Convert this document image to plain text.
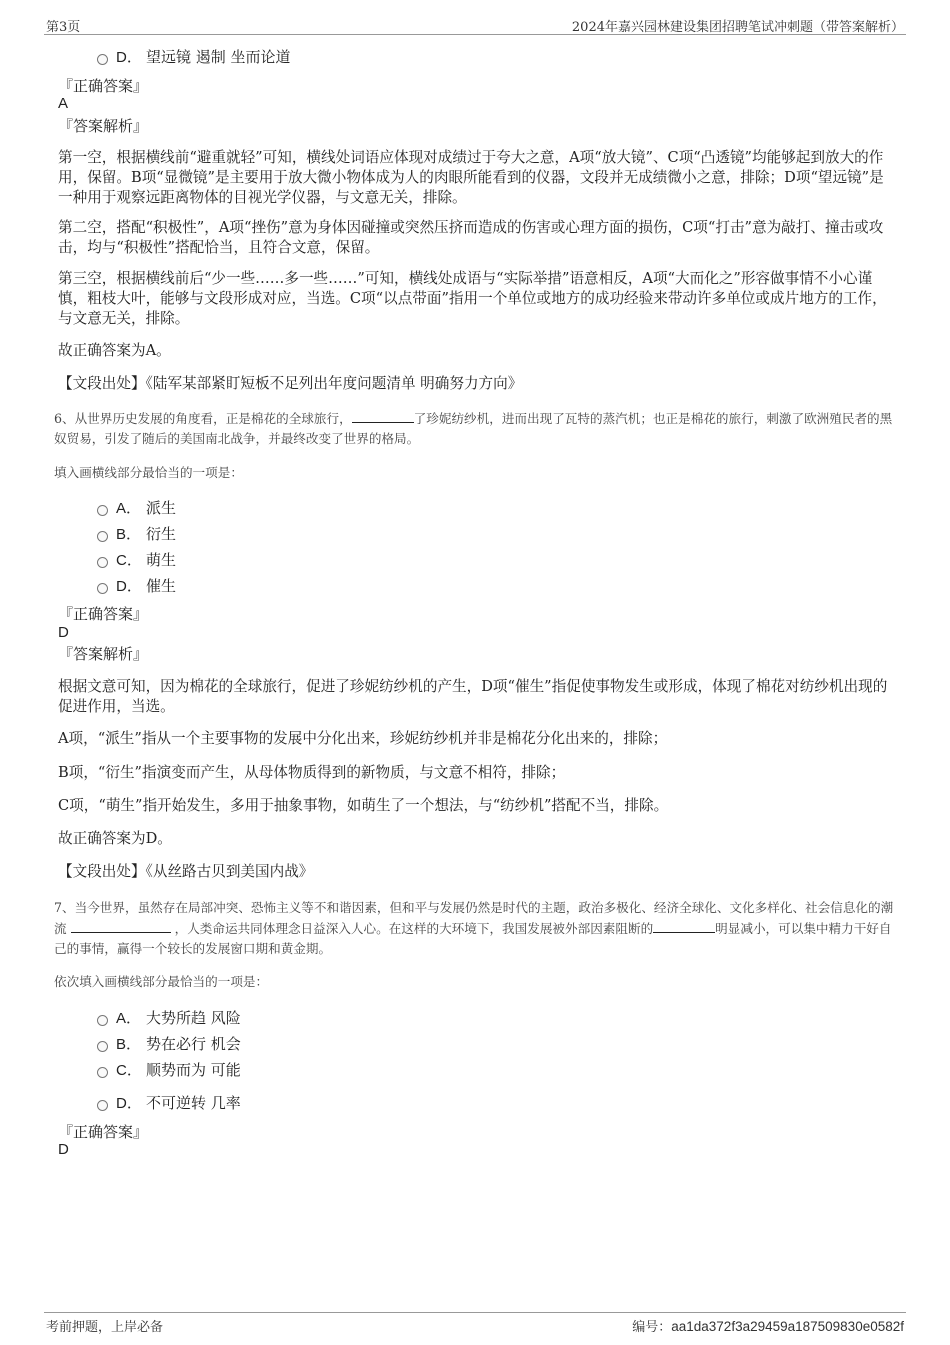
第3页	2024年嘉兴园林建设集团招聘笔试冲刺题（带答案解析）
D． 望远镜 遏制 坐而论道
『正确答案』
A
『答案解析』
第一空，根据横线前“避重就轻”可知，横线处词语应体现对成绩过于夸大之意，A项“放大镜”、C项“凸透镜”均能够起到放大的作用，保留。B项“显微镜”是主要用于放大微小物体成为人的肉眼所能看到的仪器，文段并无成绩微小之意，排除；D项“望远镜”是一种用于观察远距离物体的目视光学仪器，与文意无关，排除。
第二空，搭配“积极性”，A项“挫伤”意为身体因碰撞或突然压挤而造成的伤害或心理方面的损伤，C项“打击”意为敲打、撞击或攻击，均与“积极性”搭配恰当，且符合文意，保留。
第三空，根据横线前后“少一些……多一些……”可知，横线处成语与“实际举措”语意相反，A项“大而化之”形容做事情不小心谨慎，粗枝大叶，能够与文段形成对应，当选。C项“以点带面”指用一个单位或地方的成功经验来带动许多单位或成片地方的工作，与文意无关，排除。
故正确答案为A。
【文段出处】《陆军某部紧盯短板不足列出年度问题清单 明确努力方向》
6、从世界历史发展的角度看，正是棉花的全球旅行，	了珍妮纺纱机，进而出现了瓦特的蒸汽机；也正是棉花的旅行，刺激了欧洲殖民者的黑奴贸易，引发了随后的美国南北战争，并最终改变了世界的格局。
填入画横线部分最恰当的一项是：
A． 派生
B． 衍生
C． 萌生
D． 催生
『正确答案』
D
『答案解析』
根据文意可知，因为棉花的全球旅行，促进了珍妮纺纱机的产生，D项“催生”指促使事物发生或形成，体现了棉花对纺纱机出现的促进作用，当选。
A项，“派生”指从一个主要事物的发展中分化出来，珍妮纺纱机并非是棉花分化出来的，排除；
B项，“衍生”指演变而产生，从母体物质得到的新物质，与文意不相符，排除；
C项，“萌生”指开始发生，多用于抽象事物，如萌生了一个想法，与“纺纱机”搭配不当，排除。
故正确答案为D。
【文段出处】《从丝路古贝到美国内战》
7、当今世界，虽然存在局部冲突、恐怖主义等不和谐因素，但和平与发展仍然是时代的主题，政治多极化、经济全球化、文化多样化、社会信息化的潮流	，人类命运共同体理念日益深入人心。在这样的大环境下，我国发展被外部因素阻断的	明显减小，可以集中精力干好自己的事情，赢得一个较长的发展窗口期和黄金期。
依次填入画横线部分最恰当的一项是：
A． 大势所趋 风险
B． 势在必行 机会
C． 顺势而为 可能
D． 不可逆转 几率
『正确答案』
D
考前押题，上岸必备	编号：aa1da372f3a29459a187509830e0582f
